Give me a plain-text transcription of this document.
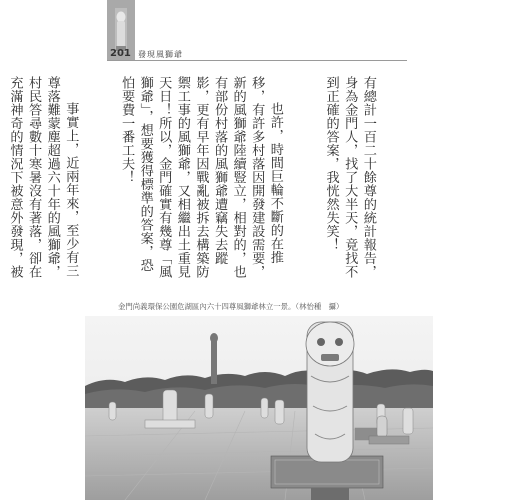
201 發現風獅爺

有總計一百二十餘尊的統計報告，身為金門人，找了大半天，竟找不到正確的答案，我恍然失笑！

也許，時間巨輪不斷的在推移，有許多村落因開發建設需要，新的風獅爺陸續豎立，相對的，也有部份村落的風獅爺遭竊失去蹤影，更有早年因戰亂被拆去構築防禦工事的風獅爺，又相繼出土重見天日！所以，金門確實有幾尊「風獅爺」，想要獲得標準的答案，恐怕要費一番工夫！

事實上，近兩年來，至少有三尊落難蒙塵超過六十年的風獅爺，村民答尋數十寒暑沒有著落，卻在充滿神奇的情況下被意外發現，被

金門尚義環保公園危湖區內六十四尊風獅爺林立一景。（林怡種　攝）
